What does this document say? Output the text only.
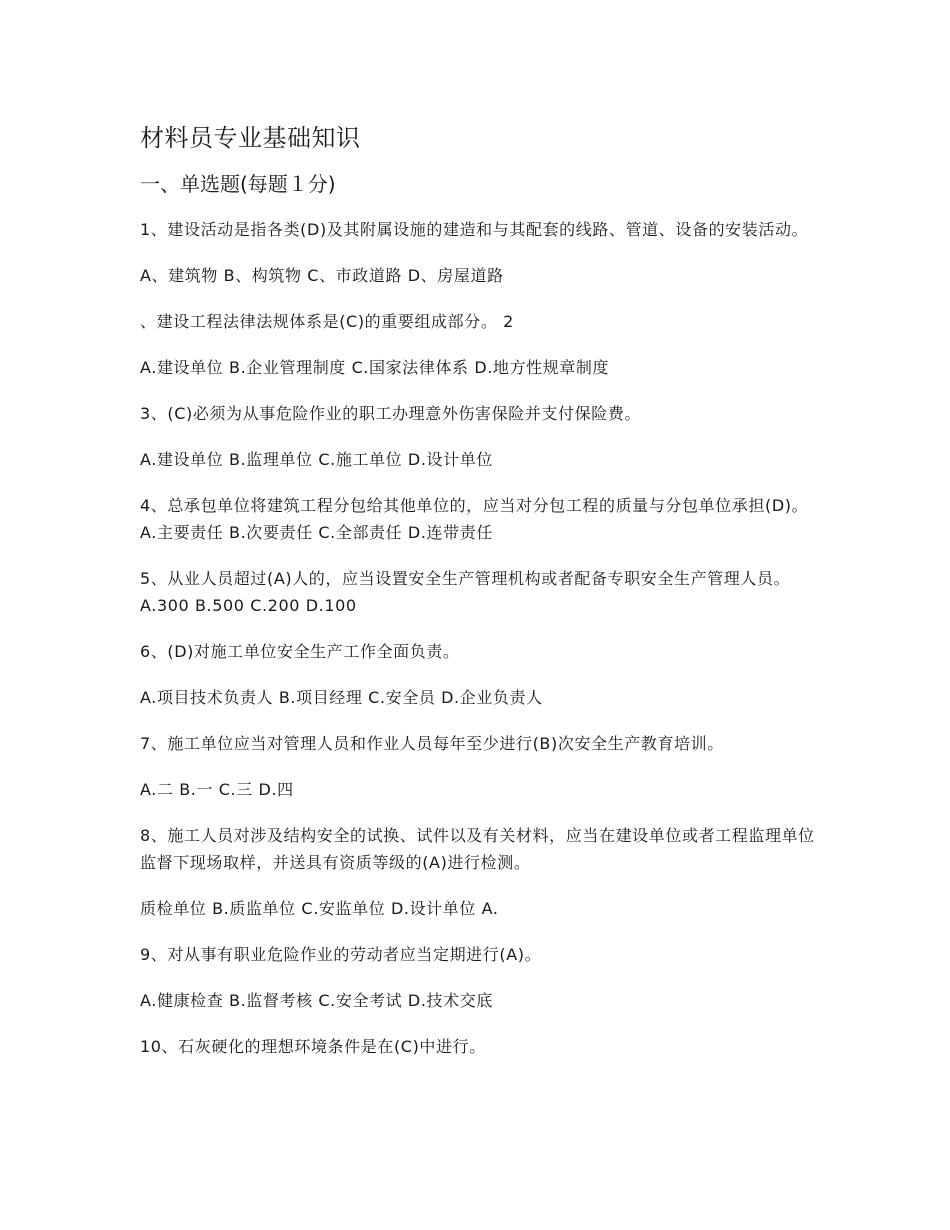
材料员专业基础知识
一、单选题(每题１分)

1、建设活动是指各类(D)及其附属设施的建造和与其配套的线路、管道、设备的安装活动。

A、建筑物 B、构筑物 C、市政道路 D、房屋道路

、建设工程法律法规体系是(C)的重要组成部分。 2

A.建设单位 B.企业管理制度 C.国家法律体系 D.地方性规章制度

3、(C)必须为从事危险作业的职工办理意外伤害保险并支付保险费。

A.建设单位 B.监理单位 C.施工单位 D.设计单位

4、总承包单位将建筑工程分包给其他单位的，应当对分包工程的质量与分包单位承担(D)。 A.主要责任 B.次要责任 C.全部责任 D.连带责任

5、从业人员超过(A)人的，应当设置安全生产管理机构或者配备专职安全生产管理人员。 A.300 B.500 C.200 D.100

6、(D)对施工单位安全生产工作全面负责。

A.项目技术负责人 B.项目经理 C.安全员 D.企业负责人

7、施工单位应当对管理人员和作业人员每年至少进行(B)次安全生产教育培训。

A.二 B.一 C.三 D.四

8、施工人员对涉及结构安全的试换、试件以及有关材料，应当在建设单位或者工程监理单位监督下现场取样，并送具有资质等级的(A)进行检测。

质检单位 B.质监单位 C.安监单位 D.设计单位 A.

9、对从事有职业危险作业的劳动者应当定期进行(A)。

A.健康检查 B.监督考核 C.安全考试 D.技术交底

10、石灰硬化的理想环境条件是在(C)中进行。
